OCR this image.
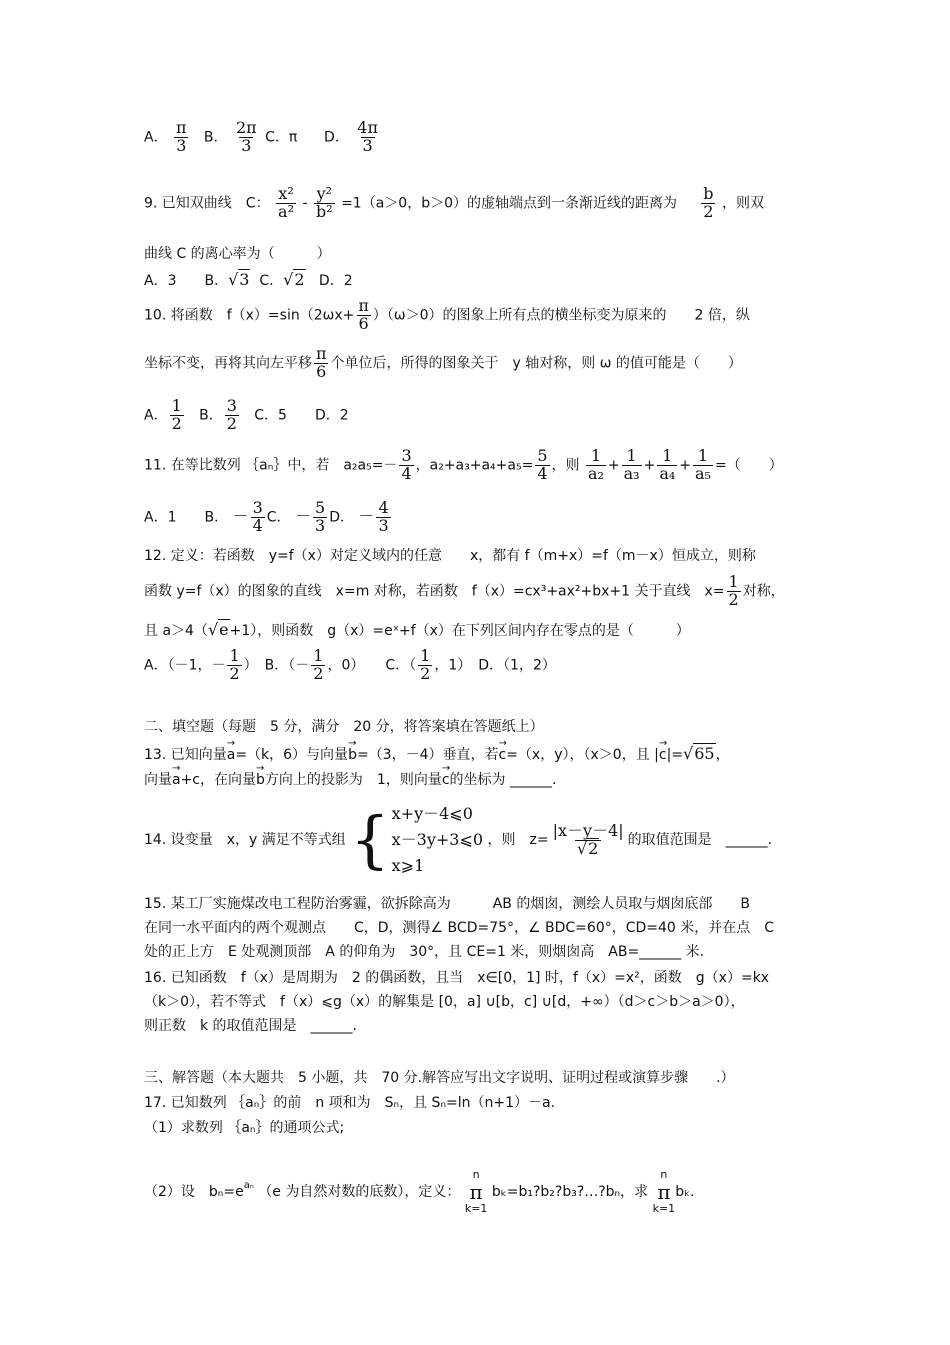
A． $\frac{\pi}{3}$ B． $\frac{2\pi}{3}$ C．π D． $\frac{4\pi}{3}$
9. 已知双曲线　C： $\frac{\text{x²}}{\text{a²}} - \frac{\text{y²}}{\text{b²}} =1(a>0$，b＞0）的虚轴端点到一条渐近线的距离为 $\frac{b}{2}$ ，则双
曲线 C 的离心率为（　　　）
A．3　　B．√3 C．√2 D．2
10. 将函数　$f(x)=\sin(2\omega x+ \frac{\pi}{6} )(\omega>0)$的图象上所有点的横坐标变为原来的　　2 倍，纵
坐标不变，再将其向左平移 $\frac{\pi}{6}$ 个单位后，所得的图象关于　y 轴对称，则 ω 的值可能是（　　）
A． $\frac{1}{2}$ B． $\frac{3}{2}$ C．5　　D．2
11. 在等比数列 ｛aₙ｝中，若　$a_2a_5=- \frac{3}{4}$ ，$a_2+a_3+a_4+a_5= \frac{5}{4}$ ，则 $\frac{1}{\text{a₂}} + \frac{1}{\text{a₃}} + \frac{1}{\text{a₄}} + \frac{1}{\text{a₅}}$ =（　　）
A．1　　B． － $\frac{3}{4}$ C． － $\frac{5}{3}$ D． － $\frac{4}{3}$
12. 定义：若函数　y=f（x）对定义域内的任意　　x，都有 f（m+x）=f（m－x）恒成立，则称
函数 y=f（x）的图象的直线　x=m 对称，若函数　f（x）=cx³+ax²+bx+1 关于直线　$x= \frac{1}{2}$ 对称，
且 a＞4（√e+1），则函数　g（x）=eˣ+f（x）在下列区间内存在零点的是（　　　）
A．（－1，－ $\frac{1}{2}$ ）　B．（－ $\frac{1}{2}$ ，0）　　C．（ $\frac{1}{2}$ ，1）　D．（1，2）
二、填空题（每题　5 分，满分　20 分，将答案填在答题纸上）
13. 已知向量→ a=（k，6）与向量→ b=（3，－4）垂直，若→ c=（x，y），（x＞0，且 |→ c|=√65，
向量→ a+c，在向量→ b方向上的投影为　1，则向量→ c的坐标为 ______.
14. 设变量　x，y 满足不等式组 { x+y－4⩽0
x－3y+3⩽0
x⩾1
，则　$z= \frac{|x-y-4|}{√2}$ 的取值范围是　______.
15. 某工厂实施煤改电工程防治雾霾，欲拆除高为　　　AB 的烟囱，测绘人员取与烟囱底部　　B
在同一水平面内的两个观测点　　C，D，测得∠ BCD=75°，∠ BDC=60°，CD=40 米，并在点　C
处的正上方　E 处观测顶部　A 的仰角为　30°，且 CE=1 米，则烟囱高　AB=______ 米.
16. 已知函数　f（x）是周期为　2 的偶函数，且当　x∈[0，1] 时，f（x）=x²，函数　g（x）=kx
（k＞0），若不等式　f（x）⩽g（x）的解集是 [0，a] ∪[b，c] ∪[d，+∞）（d＞c＞b＞a＞0），
则正数　k 的取值范围是　______.
三、解答题（本大题共　5 小题，共　70 分.解答应写出文字说明、证明过程或演算步骤　　.）
17. 已知数列 ｛aₙ｝的前　n 项和为　Sₙ，且 Sₙ=ln（n+1）－a.
（1）求数列 ｛aₙ｝的通项公式;
（2）设　$b_n=e^{a_n}$ （e 为自然对数的底数），定义：
n
π
k=1
bₖ=b₁?b₂?b₃?…?bₙ，求
n
π
k=1
bₖ.
